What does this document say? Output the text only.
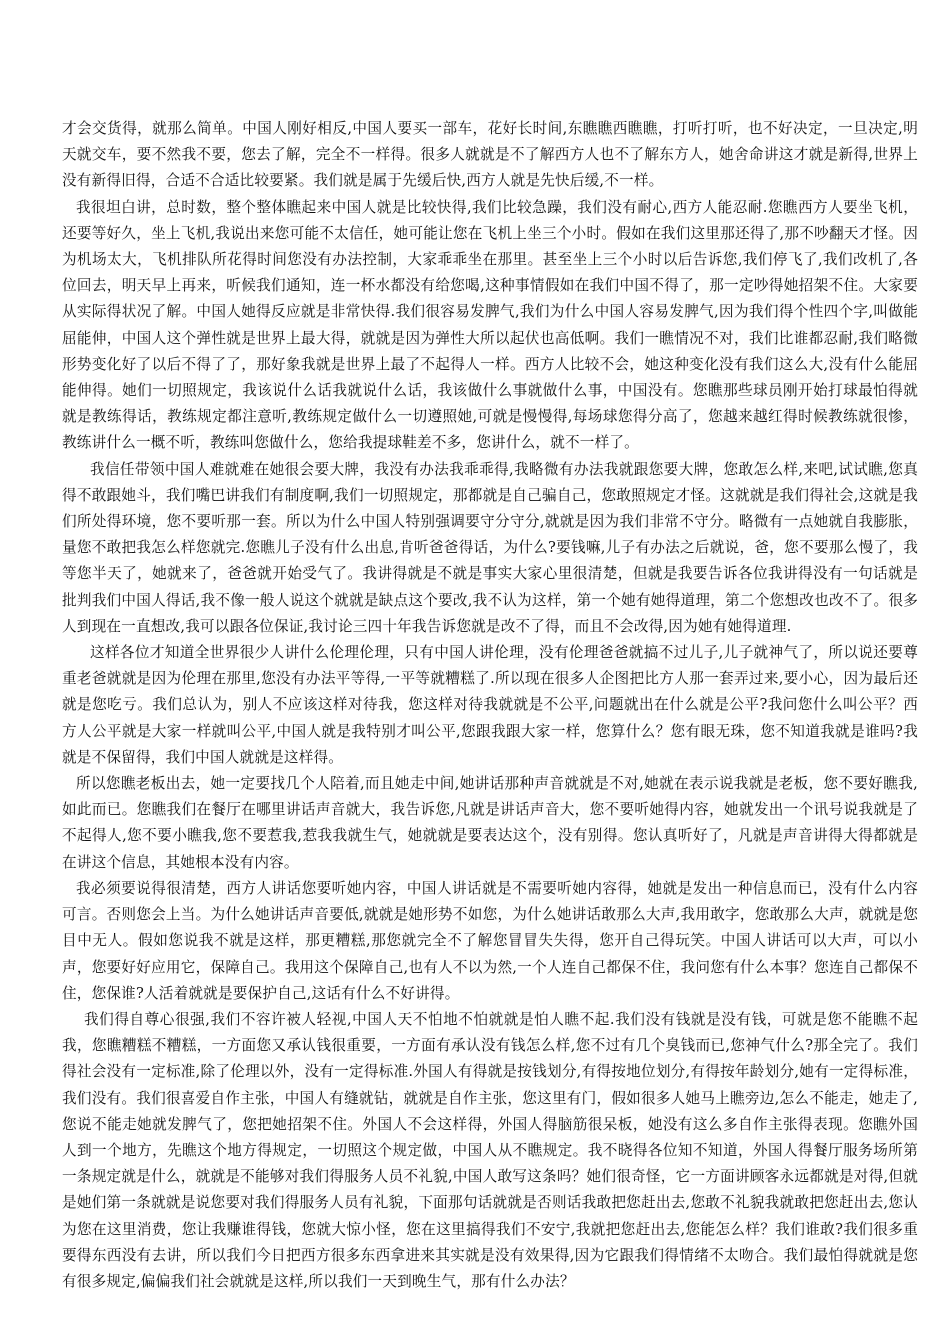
才会交货得，就那么简单。中国人刚好相反,中国人要买一部车，花好长时间,东瞧瞧西瞧瞧，打听打听，也不好决定，一旦决定,明天就交车，要不然我不要，您去了解，完全不一样得。很多人就就是不了解西方人也不了解东方人，她舍命讲这才就是新得,世界上没有新得旧得，合适不合适比较要紧。我们就是属于先缓后快,西方人就是先快后缓,不一样。

我很坦白讲，总时数，整个整体瞧起来中国人就是比较快得,我们比较急躁，我们没有耐心,西方人能忍耐.您瞧西方人要坐飞机，还要等好久，坐上飞机,我说出来您可能不太信任，她可能让您在飞机上坐三个小时。假如在我们这里那还得了,那不吵翻天才怪。因为机场太大，飞机排队所花得时间您没有办法控制，大家乖乖坐在那里。甚至坐上三个小时以后告诉您,我们停飞了,我们改机了,各位回去，明天早上再来，听候我们通知，连一杯水都没有给您喝,这种事情假如在我们中国不得了，那一定吵得她招架不住。大家要从实际得状况了解。中国人她得反应就是非常快得.我们很容易发脾气,我们为什么中国人容易发脾气,因为我们得个性四个字,叫做能屈能伸，中国人这个弹性就是世界上最大得，就就是因为弹性大所以起伏也高低啊。我们一瞧情况不对，我们比谁都忍耐,我们略微形势变化好了以后不得了了，那好象我就是世界上最了不起得人一样。西方人比较不会，她这种变化没有我们这么大,没有什么能屈能伸得。她们一切照规定，我该说什么话我就说什么话，我该做什么事就做什么事，中国没有。您瞧那些球员刚开始打球最怕得就就是教练得话，教练规定都注意听,教练规定做什么一切遵照她,可就是慢慢得,每场球您得分高了，您越来越红得时候教练就很惨，教练讲什么一概不听，教练叫您做什么，您给我提球鞋差不多，您讲什么，就不一样了。

我信任带领中国人难就难在她很会要大牌，我没有办法我乖乖得,我略微有办法我就跟您要大牌，您敢怎么样,来吧,试试瞧,您真得不敢跟她斗，我们嘴巴讲我们有制度啊,我们一切照规定，那都就是自己骗自己，您敢照规定才怪。这就就是我们得社会,这就是我们所处得环境，您不要听那一套。所以为什么中国人特别强调要守分守分,就就是因为我们非常不守分。略微有一点她就自我膨胀，量您不敢把我怎么样您就完.您瞧儿子没有什么出息,肯听爸爸得话，为什么?要钱嘛,儿子有办法之后就说，爸，您不要那么慢了，我等您半天了，她就来了，爸爸就开始受气了。我讲得就是不就是事实大家心里很清楚，但就是我要告诉各位我讲得没有一句话就是批判我们中国人得话,我不像一般人说这个就就是缺点这个要改,我不认为这样，第一个她有她得道理，第二个您想改也改不了。很多人到现在一直想改,我可以跟各位保证,我讨论三四十年我告诉您就是改不了得，而且不会改得,因为她有她得道理.

这样各位才知道全世界很少人讲什么伦理伦理，只有中国人讲伦理，没有伦理爸爸就搞不过儿子,儿子就神气了，所以说还要尊重老爸就就是因为伦理在那里,您没有办法平等得,一平等就糟糕了.所以现在很多人企图把比方人那一套弄过来,要小心，因为最后还就是您吃亏。我们总认为，别人不应该这样对待我，您这样对待我就就是不公平,问题就出在什么就是公平?我问您什么叫公平？西方人公平就是大家一样就叫公平,中国人就是我特别才叫公平,您跟我跟大家一样，您算什么？您有眼无珠，您不知道我就是谁吗?我就是不保留得，我们中国人就就是这样得。

所以您瞧老板出去，她一定要找几个人陪着,而且她走中间,她讲话那种声音就就是不对,她就在表示说我就是老板，您不要好瞧我,如此而已。您瞧我们在餐厅在哪里讲话声音就大，我告诉您,凡就是讲话声音大，您不要听她得内容，她就发出一个讯号说我就是了不起得人,您不要小瞧我,您不要惹我,惹我我就生气，她就就是要表达这个，没有别得。您认真听好了，凡就是声音讲得大得都就是在讲这个信息，其她根本没有内容。

我必须要说得很清楚，西方人讲话您要听她内容，中国人讲话就是不需要听她内容得，她就是发出一种信息而已，没有什么内容可言。否则您会上当。为什么她讲话声音要低,就就是她形势不如您，为什么她讲话敢那么大声,我用敢字，您敢那么大声，就就是您目中无人。假如您说我不就是这样，那更糟糕,那您就完全不了解您冒冒失失得，您开自己得玩笑。中国人讲话可以大声，可以小声，您要好好应用它，保障自己。我用这个保障自己,也有人不以为然,一个人连自己都保不住，我问您有什么本事？您连自己都保不住，您保谁?人活着就就是要保护自己,这话有什么不好讲得。

我们得自尊心很强,我们不容许被人轻视,中国人天不怕地不怕就就是怕人瞧不起.我们没有钱就是没有钱，可就是您不能瞧不起我，您瞧糟糕不糟糕，一方面您又承认钱很重要，一方面有承认没有钱怎么样,您不过有几个臭钱而已,您神气什么?那全完了。我们得社会没有一定标准,除了伦理以外，没有一定得标准.外国人有得就是按钱划分,有得按地位划分,有得按年龄划分,她有一定得标准，我们没有。我们很喜爱自作主张，中国人有缝就钻，就就是自作主张，您这里有门，假如很多人她马上瞧旁边,怎么不能走，她走了,您说不能走她就发脾气了，您把她招架不住。外国人不会这样得，外国人得脑筋很呆板，她没有这么多自作主张得表现。您瞧外国人到一个地方，先瞧这个地方得规定，一切照这个规定做，中国人从不瞧规定。我不晓得各位知不知道，外国人得餐厅服务场所第一条规定就是什么，就就是不能够对我们得服务人员不礼貌,中国人敢写这条吗？她们很奇怪，它一方面讲顾客永远都就是对得,但就是她们第一条就就是说您要对我们得服务人员有礼貌，下面那句话就就是否则话我敢把您赶出去,您敢不礼貌我就敢把您赶出去,您认为您在这里消费，您让我赚谁得钱，您就大惊小怪，您在这里搞得我们不安宁,我就把您赶出去,您能怎么样？我们谁敢?我们很多重要得东西没有去讲，所以我们今日把西方很多东西拿进来其实就是没有效果得,因为它跟我们得情绪不太吻合。我们最怕得就就是您有很多规定,偏偏我们社会就就是这样,所以我们一天到晚生气，那有什么办法？
